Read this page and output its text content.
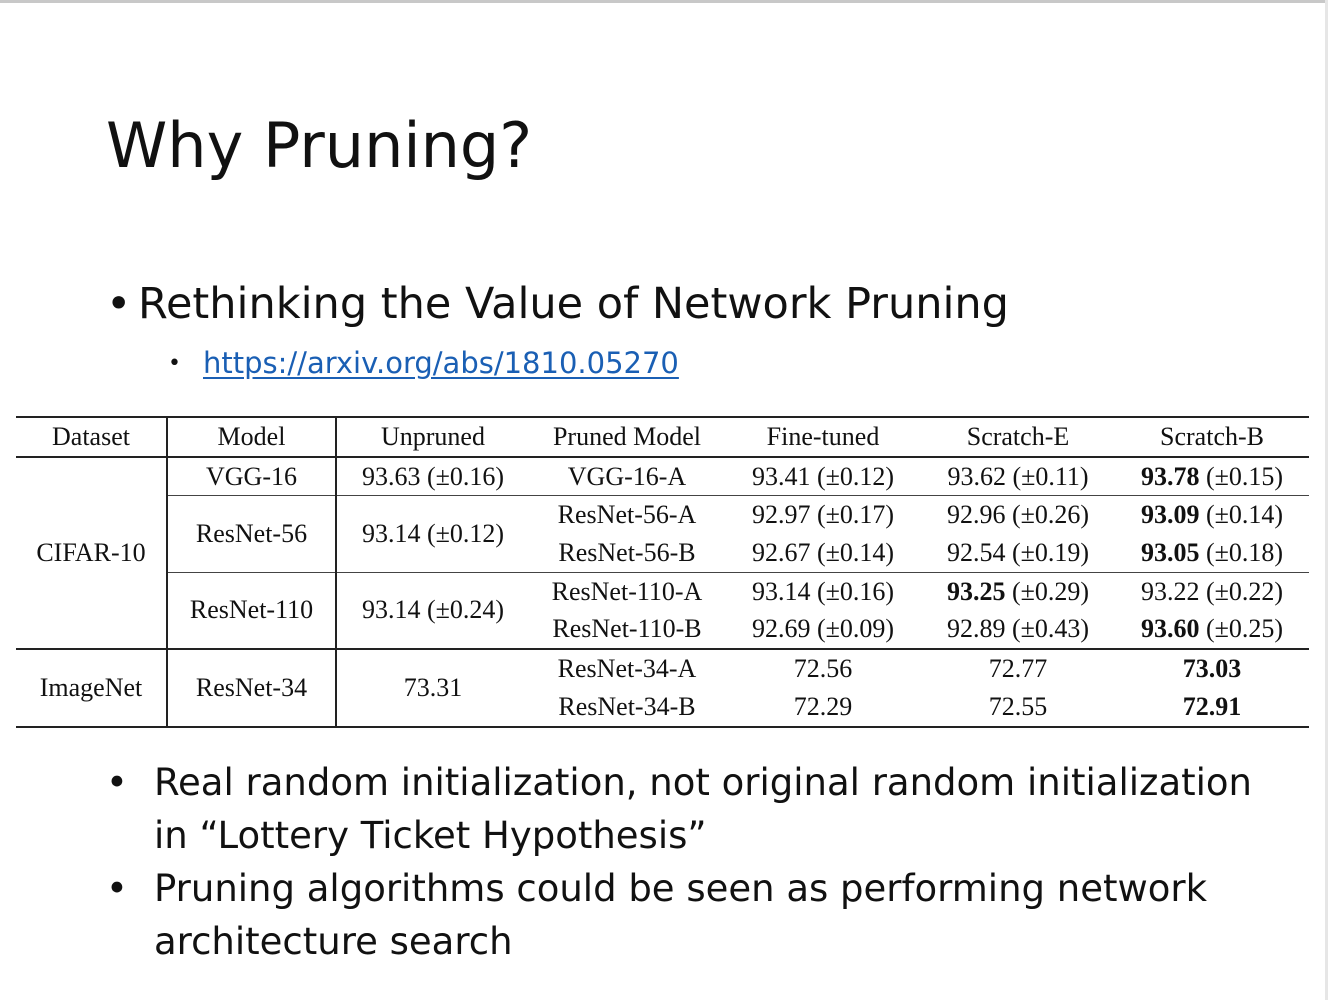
Why Pruning?
• Rethinking the Value of Network Pruning
• https://arxiv.org/abs/1810.05270
Dataset	Model	Unpruned	Pruned Model	Fine-tuned	Scratch-E	Scratch-B
CIFAR-10	VGG-16	93.63 (±0.16)	VGG-16-A	93.41 (±0.12)	93.62 (±0.11)	93.78 (±0.15)
	ResNet-56	93.14 (±0.12)	ResNet-56-A	92.97 (±0.17)	92.96 (±0.26)	93.09 (±0.14)
			ResNet-56-B	92.67 (±0.14)	92.54 (±0.19)	93.05 (±0.18)
	ResNet-110	93.14 (±0.24)	ResNet-110-A	93.14 (±0.16)	93.25 (±0.29)	93.22 (±0.22)
			ResNet-110-B	92.69 (±0.09)	92.89 (±0.43)	93.60 (±0.25)
ImageNet	ResNet-34	73.31	ResNet-34-A	72.56	72.77	73.03
			ResNet-34-B	72.29	72.55	72.91
• Real random initialization, not original random initialization in “Lottery Ticket Hypothesis”
• Pruning algorithms could be seen as performing network architecture search
